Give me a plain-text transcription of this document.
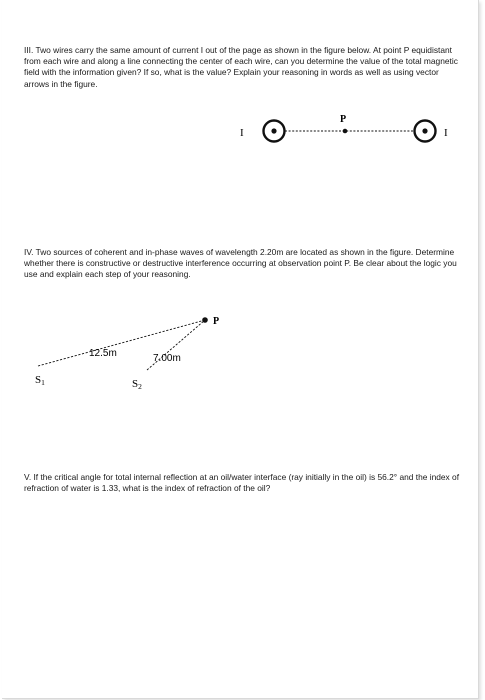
III. Two wires carry the same amount of current I out of the page as shown in the figure below. At point P equidistant from each wire and along a line connecting the center of each wire, can you determine the value of the total magnetic field with the information given? If so, what is the value? Explain your reasoning in words as well as using vector arrows in the figure.
IV. Two sources of coherent and in-phase waves of wavelength 2.20m are located as shown in the figure. Determine whether there is constructive or destructive interference occurring at observation point P. Be clear about the logic you use and explain each step of your reasoning.
V. If the critical angle for total internal reflection at an oil/water interface (ray initially in the oil) is 56.2° and the index of refraction of water is 1.33, what is the index of refraction of the oil?
I
P
I
P
12.5m	7.00m
S1	S2
